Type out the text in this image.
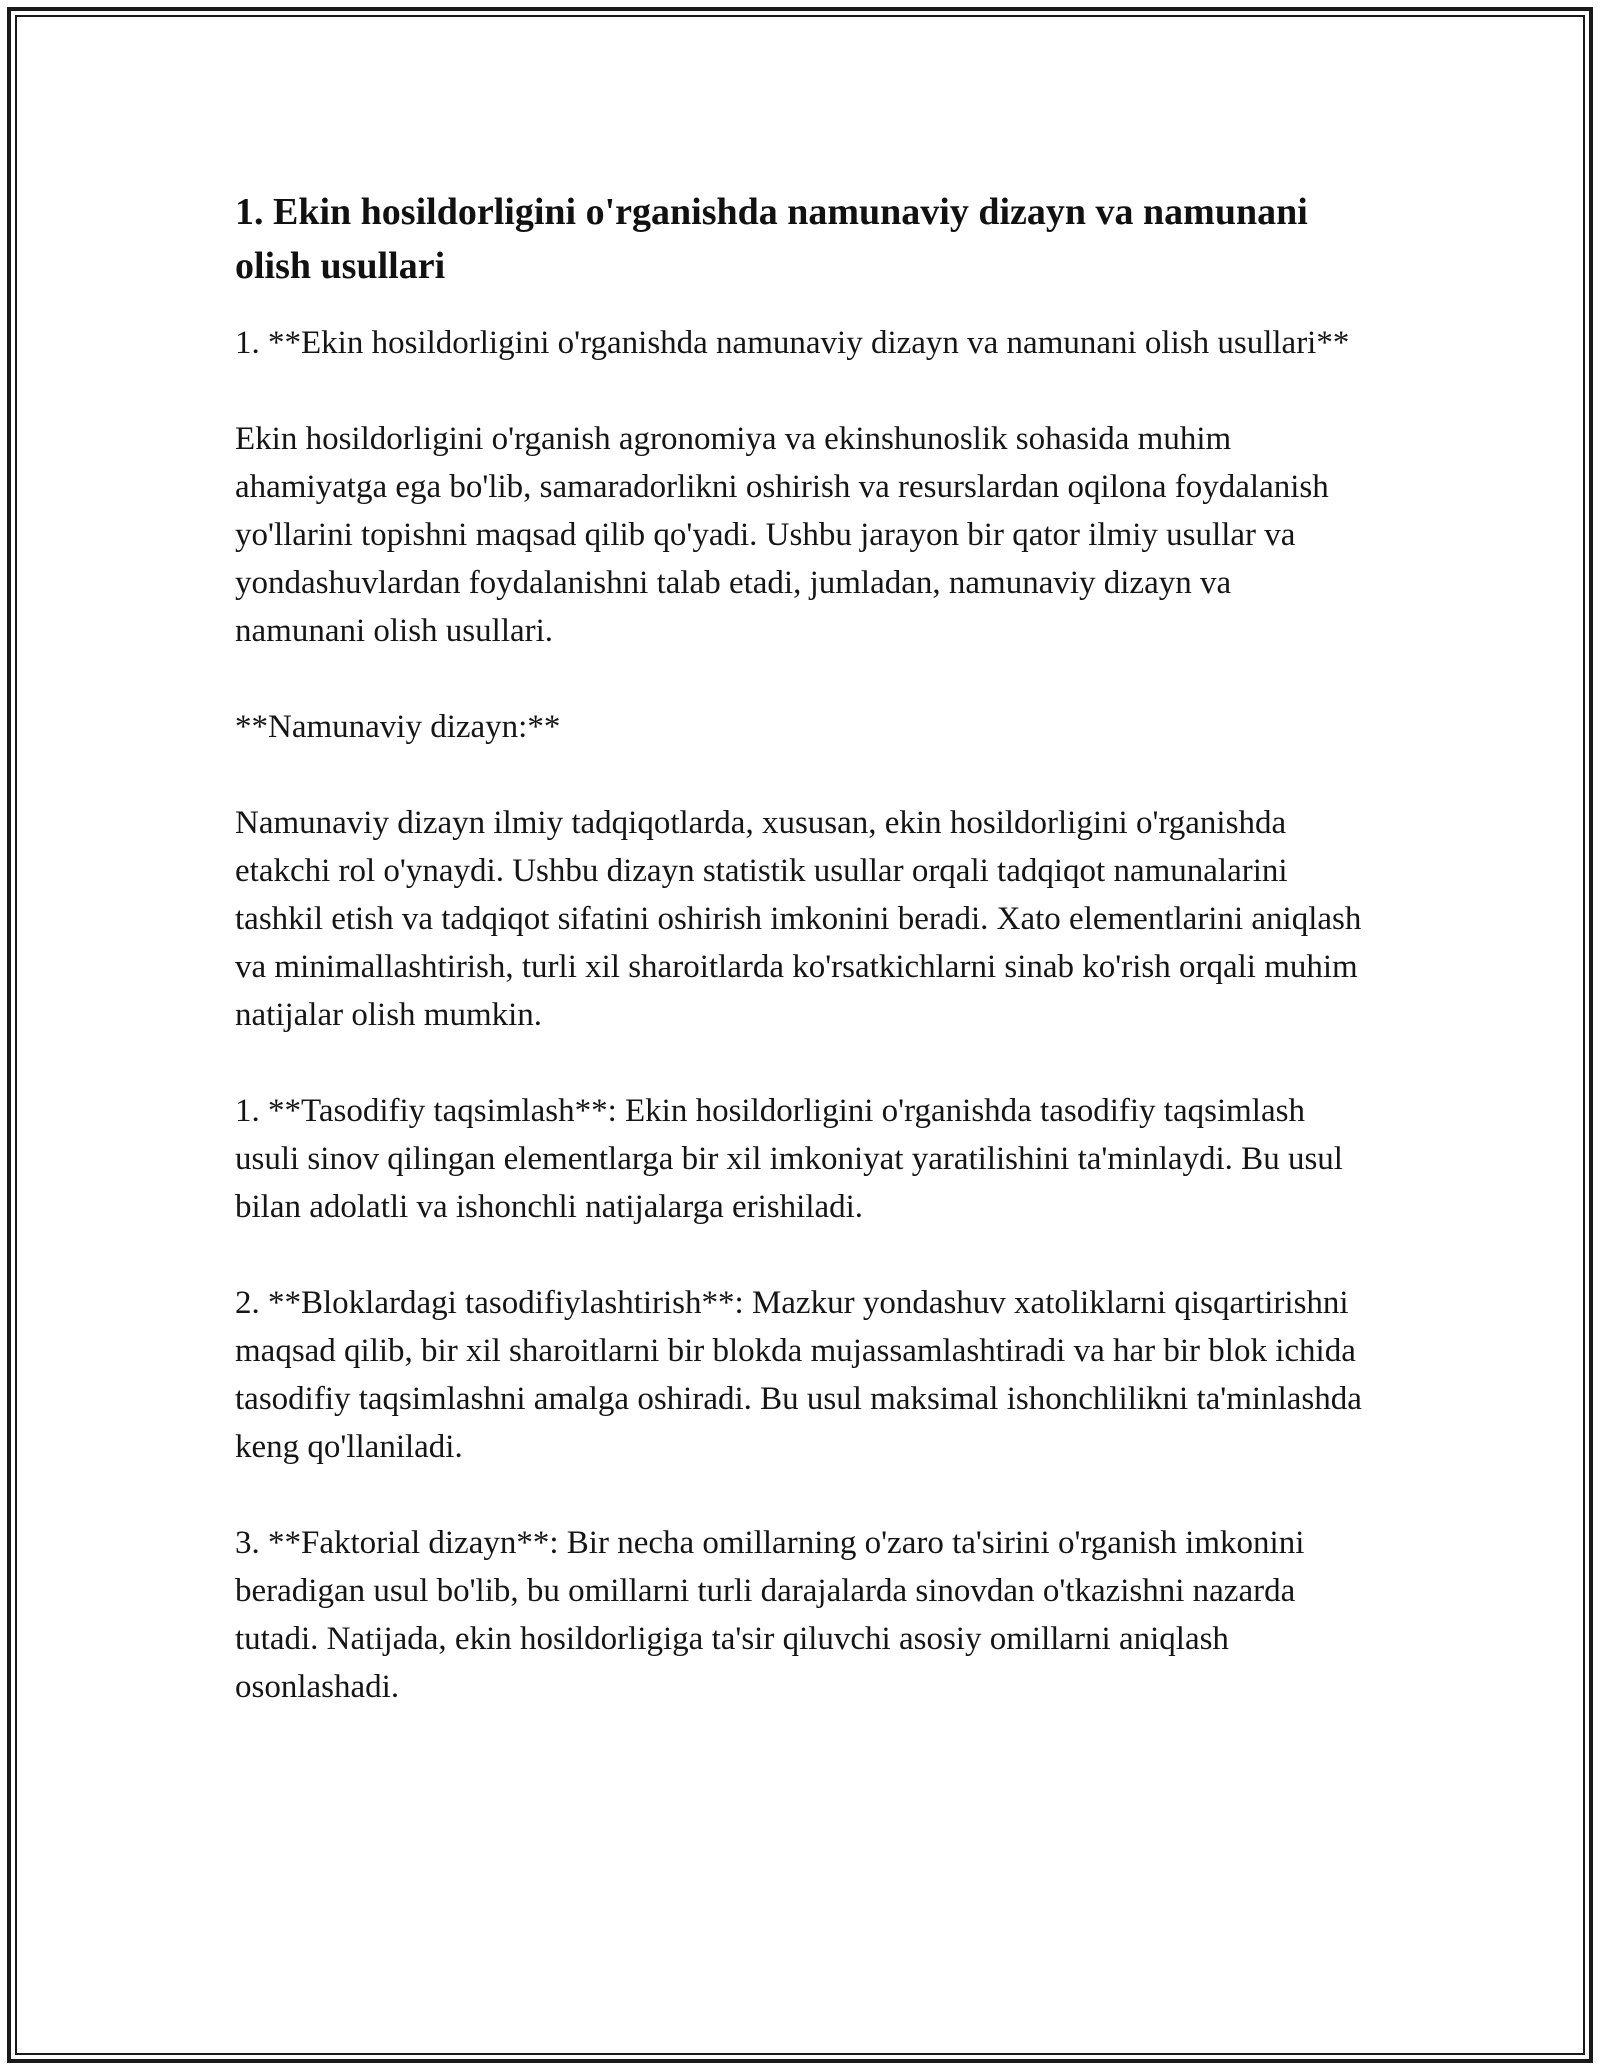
1. Ekin hosildorligini o'rganishda namunaviy dizayn va namunani olish usullari

1. **Ekin hosildorligini o'rganishda namunaviy dizayn va namunani olish usullari**

Ekin hosildorligini o'rganish agronomiya va ekinshunoslik sohasida muhim ahamiyatga ega bo'lib, samaradorlikni oshirish va resurslardan oqilona foydalanish yo'llarini topishni maqsad qilib qo'yadi. Ushbu jarayon bir qator ilmiy usullar va yondashuvlardan foydalanishni talab etadi, jumladan, namunaviy dizayn va namunani olish usullari.

**Namunaviy dizayn:**

Namunaviy dizayn ilmiy tadqiqotlarda, xususan, ekin hosildorligini o'rganishda etakchi rol o'ynaydi. Ushbu dizayn statistik usullar orqali tadqiqot namunalarini tashkil etish va tadqiqot sifatini oshirish imkonini beradi. Xato elementlarini aniqlash va minimallashtirish, turli xil sharoitlarda ko'rsatkichlarni sinab ko'rish orqali muhim natijalar olish mumkin.

1. **Tasodifiy taqsimlash**: Ekin hosildorligini o'rganishda tasodifiy taqsimlash usuli sinov qilingan elementlarga bir xil imkoniyat yaratilishini ta'minlaydi. Bu usul bilan adolatli va ishonchli natijalarga erishiladi.

2. **Bloklardagi tasodifiylashtirish**: Mazkur yondashuv xatoliklarni qisqartirishni maqsad qilib, bir xil sharoitlarni bir blokda mujassamlashtiradi va har bir blok ichida tasodifiy taqsimlashni amalga oshiradi. Bu usul maksimal ishonchlilikni ta'minlashda keng qo'llaniladi.

3. **Faktorial dizayn**: Bir necha omillarning o'zaro ta'sirini o'rganish imkonini beradigan usul bo'lib, bu omillarni turli darajalarda sinovdan o'tkazishni nazarda tutadi. Natijada, ekin hosildorligiga ta'sir qiluvchi asosiy omillarni aniqlash osonlashadi.
